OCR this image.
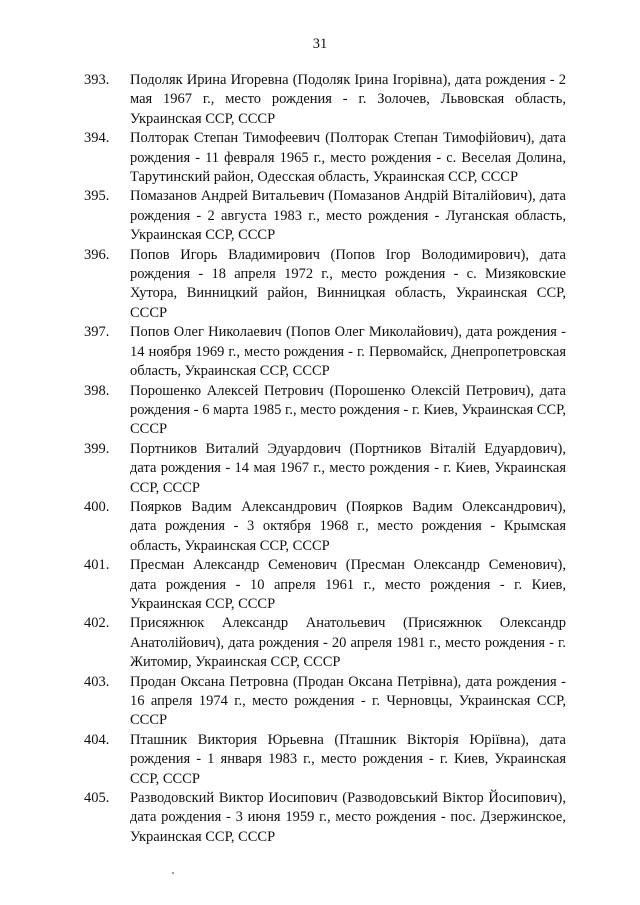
31
393.	Подоляк Ирина Игоревна (Подоляк Ірина Ігорівна), дата рождения - 2 мая 1967 г., место рождения - г. Золочев, Львовская область, Украинская ССР, СССР
394.	Полторак Степан Тимофеевич (Полторак Степан Тимофійович), дата рождения - 11 февраля 1965 г., место рождения - с. Веселая Долина, Тарутинский район, Одесская область, Украинская ССР, СССР
395.	Помазанов Андрей Витальевич (Помазанов Андрій Віталійович), дата рождения - 2 августа 1983 г., место рождения - Луганская область, Украинская ССР, СССР
396.	Попов Игорь Владимирович (Попов Ігор Володимирович), дата рождения - 18 апреля 1972 г., место рождения - с. Мизяковские Хутора, Винницкий район, Винницкая область, Украинская ССР, СССР
397.	Попов Олег Николаевич (Попов Олег Миколайович), дата рождения - 14 ноября 1969 г., место рождения - г. Первомайск, Днепропетровская область, Украинская ССР, СССР
398.	Порошенко Алексей Петрович (Порошенко Олексій Петрович), дата рождения - 6 марта 1985 г., место рождения - г. Киев, Украинская ССР, СССР
399.	Портников Виталий Эдуардович (Портников Віталій Едуардович), дата рождения - 14 мая 1967 г., место рождения - г. Киев, Украинская ССР, СССР
400.	Поярков Вадим Александрович (Поярков Вадим Олександрович), дата рождения - 3 октября 1968 г., место рождения - Крымская область, Украинская ССР, СССР
401.	Пресман Александр Семенович (Пресман Олександр Семенович), дата рождения - 10 апреля 1961 г., место рождения - г. Киев, Украинская ССР, СССР
402.	Присяжнюк Александр Анатольевич (Присяжнюк Олександр Анатолійович), дата рождения - 20 апреля 1981 г., место рождения - г. Житомир, Украинская ССР, СССР
403.	Продан Оксана Петровна (Продан Оксана Петрівна), дата рождения - 16 апреля 1974 г., место рождения - г. Черновцы, Украинская ССР, СССР
404.	Пташник Виктория Юрьевна (Пташник Вікторія Юріївна), дата рождения - 1 января 1983 г., место рождения - г. Киев, Украинская ССР, СССР
405.	Разводовский Виктор Иосипович (Разводовський Віктор Йосипович), дата рождения - 3 июня 1959 г., место рождения - пос. Дзержинское, Украинская ССР, СССР
